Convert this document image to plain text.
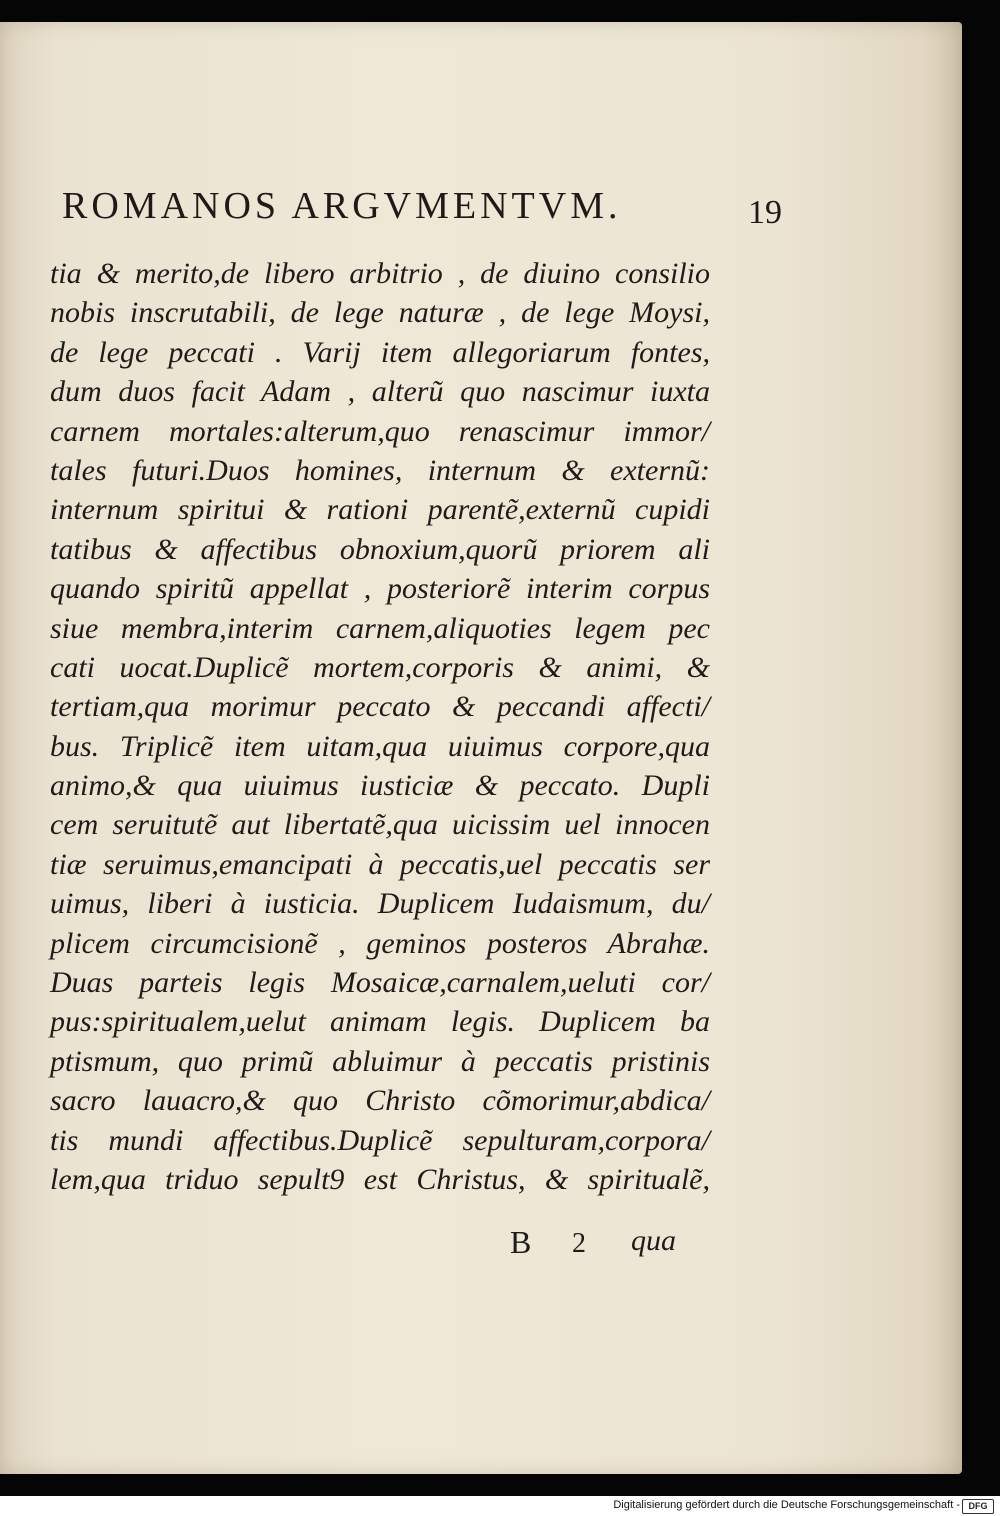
ROMANOS ARGVMENTVM.	19
tia & merito,de libero arbitrio , de diuino consilio
nobis inscrutabili, de lege naturæ , de lege Moysi,
de lege peccati . Varij item allegoriarum fontes,
dum duos facit Adam , alterũ quo nascimur iuxta
carnem mortales:alterum,quo renascimur immor/
tales futuri.Duos homines, internum & externũ:
internum spiritui & rationi parentẽ,externũ cupidi
tatibus & affectibus obnoxium,quorũ priorem ali
quando spiritũ appellat , posteriorẽ interim corpus
siue membra,interim carnem,aliquoties legem pec
cati uocat.Duplicẽ mortem,corporis & animi, &
tertiam,qua morimur peccato & peccandi affecti/
bus. Triplicẽ item uitam,qua uiuimus corpore,qua
animo,& qua uiuimus iusticiæ & peccato. Dupli
cem seruitutẽ aut libertatẽ,qua uicissim uel innocen
tiæ seruimus,emancipati à peccatis,uel peccatis ser
uimus, liberi à iusticia. Duplicem Iudaismum, du/
plicem circumcisionẽ , geminos posteros Abrahæ.
Duas parteis legis Mosaicæ,carnalem,ueluti cor/
pus:spiritualem,uelut animam legis. Duplicem ba
ptismum, quo primũ abluimur à peccatis pristinis
sacro lauacro,& quo Christo cõmorimur,abdica/
tis mundi affectibus.Duplicẽ sepulturam,corpora/
lem,qua triduo sepult9 est Christus, & spiritualẽ,
B 2 qua
Digitalisierung gefördert durch die Deutsche Forschungsgemeinschaft - DFG
